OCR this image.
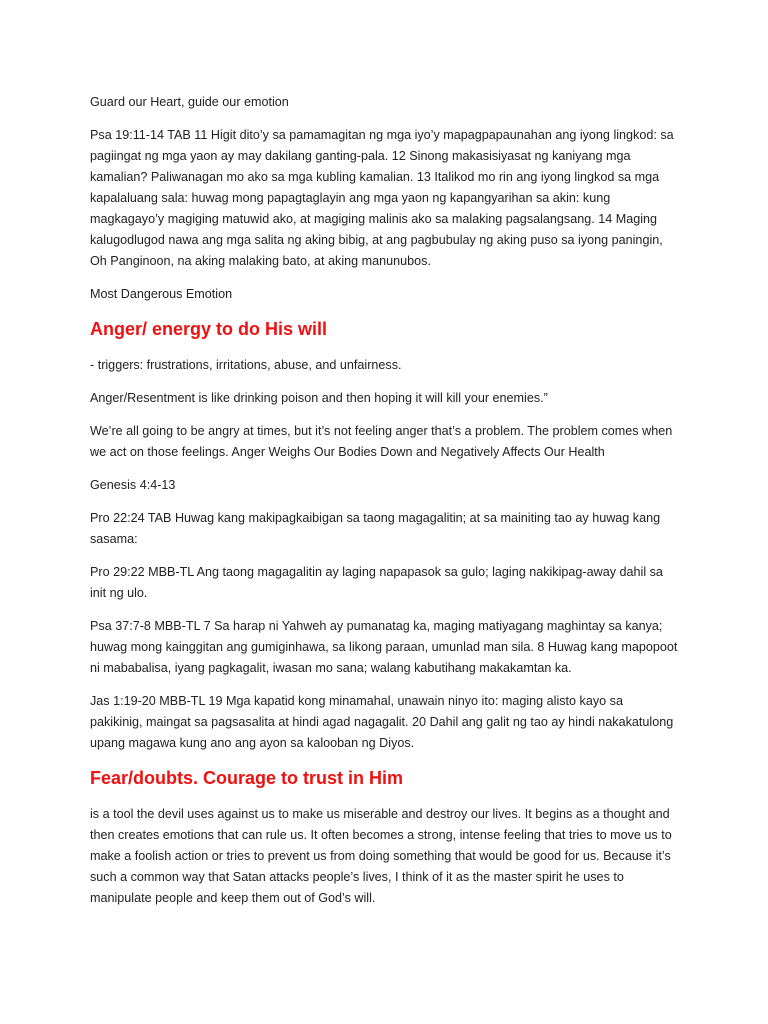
Guard our Heart, guide our emotion

Psa 19:11-14 TAB 11 Higit dito’y sa pamamagitan ng mga iyo’y mapagpapaunahan ang iyong lingkod: sa pagiingat ng mga yaon ay may dakilang ganting-pala. 12 Sinong makasisiyasat ng kaniyang mga kamalian? Paliwanagan mo ako sa mga kubling kamalian. 13 Italikod mo rin ang iyong lingkod sa mga kapalaluang sala: huwag mong papagtaglayin ang mga yaon ng kapangyarihan sa akin: kung magkagayo’y magiging matuwid ako, at magiging malinis ako sa malaking pagsalangsang. 14 Maging kalugodlugod nawa ang mga salita ng aking bibig, at ang pagbubulay ng aking puso sa iyong paningin, Oh Panginoon, na aking malaking bato, at aking manunubos.

Most Dangerous Emotion

Anger/ energy to do His will

- triggers: frustrations, irritations, abuse, and unfairness.

Anger/Resentment is like drinking poison and then hoping it will kill your enemies.”

We’re all going to be angry at times, but it’s not feeling anger that’s a problem. The problem comes when we act on those feelings. Anger Weighs Our Bodies Down and Negatively Affects Our Health

Genesis 4:4-13

Pro 22:24 TAB Huwag kang makipagkaibigan sa taong magagalitin; at sa mainiting tao ay huwag kang sasama:

Pro 29:22 MBB-TL Ang taong magagalitin ay laging napapasok sa gulo; laging nakikipag-away dahil sa init ng ulo.

Psa 37:7-8 MBB-TL 7 Sa harap ni Yahweh ay pumanatag ka, maging matiyagang maghintay sa kanya; huwag mong kainggitan ang gumiginhawa, sa likong paraan, umunlad man sila. 8 Huwag kang mapopoot ni mababalisa, iyang pagkagalit, iwasan mo sana; walang kabutihang makakamtan ka.

Jas 1:19-20 MBB-TL 19 Mga kapatid kong minamahal, unawain ninyo ito: maging alisto kayo sa pakikinig, maingat sa pagsasalita at hindi agad nagagalit. 20 Dahil ang galit ng tao ay hindi nakakatulong upang magawa kung ano ang ayon sa kalooban ng Diyos.

Fear/doubts. Courage to trust in Him

is a tool the devil uses against us to make us miserable and destroy our lives. It begins as a thought and then creates emotions that can rule us. It often becomes a strong, intense feeling that tries to move us to make a foolish action or tries to prevent us from doing something that would be good for us. Because it’s such a common way that Satan attacks people’s lives, I think of it as the master spirit he uses to manipulate people and keep them out of God’s will.
